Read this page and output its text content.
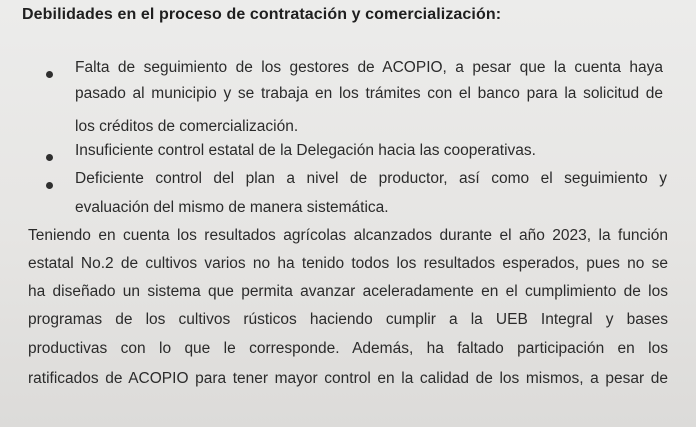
Debilidades en el proceso de contratación y comercialización:
Falta de seguimiento de los gestores de ACOPIO, a pesar que la cuenta haya
pasado al municipio y se trabaja en los trámites con el banco para la solicitud de
los créditos de comercialización.
Insuficiente control estatal de la Delegación hacia las cooperativas.
Deficiente control del plan a nivel de productor, así como el seguimiento y
evaluación del mismo de manera sistemática.
Teniendo en cuenta los resultados agrícolas alcanzados durante el año 2023, la función
estatal No.2 de cultivos varios no ha tenido todos los resultados esperados, pues no se
ha diseñado un sistema que permita avanzar aceleradamente en el cumplimiento de los
programas de los cultivos rústicos haciendo cumplir a la UEB Integral y bases
productivas con lo que le corresponde. Además, ha faltado participación en los
ratificados de ACOPIO para tener mayor control en la calidad de los mismos, a pesar de
